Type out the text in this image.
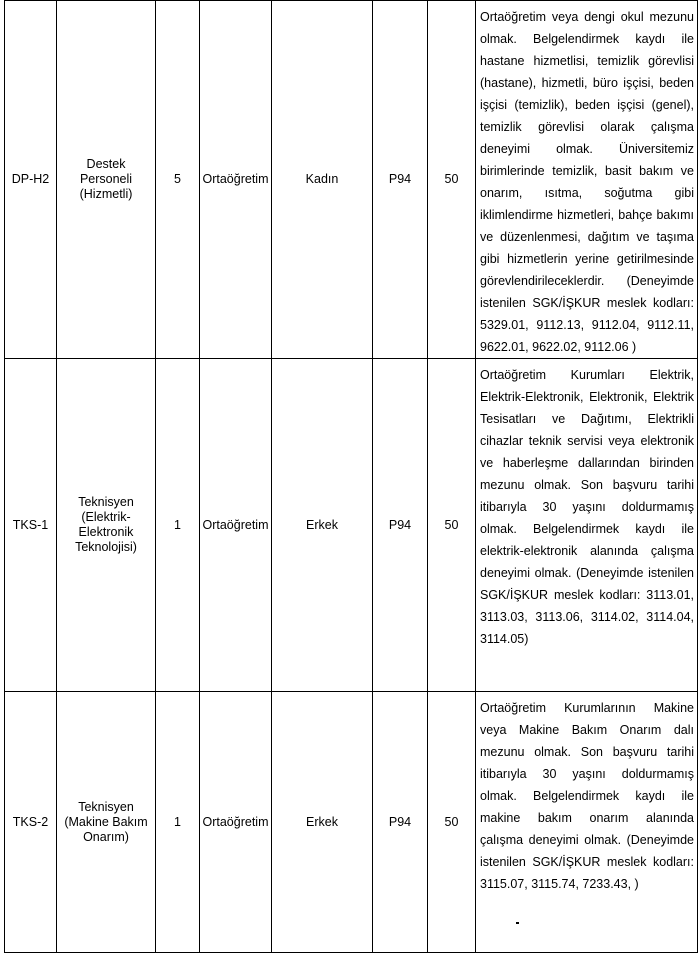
DP-H2	Destek Personeli (Hizmetli)	5	Ortaöğretim	Kadın	P94	50	Ortaöğretim veya dengi okul mezunu olmak. Belgelendirmek kaydı ile hastane hizmetlisi, temizlik görevlisi (hastane), hizmetli, büro işçisi, beden işçisi (temizlik), beden işçisi (genel), temizlik görevlisi olarak çalışma deneyimi olmak. Üniversitemiz birimlerinde temizlik, basit bakım ve onarım, ısıtma, soğutma gibi iklimlendirme hizmetleri, bahçe bakımı ve düzenlenmesi, dağıtım ve taşıma gibi hizmetlerin yerine getirilmesinde görevlendirileceklerdir. (Deneyimde istenilen SGK/İŞKUR meslek kodları: 5329.01, 9112.13, 9112.04, 9112.11, 9622.01, 9622.02, 9112.06 )
TKS-1	Teknisyen (Elektrik-Elektronik Teknolojisi)	1	Ortaöğretim	Erkek	P94	50	Ortaöğretim Kurumları Elektrik, Elektrik-Elektronik, Elektronik, Elektrik Tesisatları ve Dağıtımı, Elektrikli cihazlar teknik servisi veya elektronik ve haberleşme dallarından birinden mezunu olmak. Son başvuru tarihi itibarıyla 30 yaşını doldurmamış olmak. Belgelendirmek kaydı ile elektrik-elektronik alanında çalışma deneyimi olmak. (Deneyimde istenilen SGK/İŞKUR meslek kodları: 3113.01, 3113.03, 3113.06, 3114.02, 3114.04, 3114.05)
TKS-2	Teknisyen (Makine Bakım Onarım)	1	Ortaöğretim	Erkek	P94	50	Ortaöğretim Kurumlarının Makine veya Makine Bakım Onarım dalı mezunu olmak. Son başvuru tarihi itibarıyla 30 yaşını doldurmamış olmak. Belgelendirmek kaydı ile makine bakım onarım alanında çalışma deneyimi olmak. (Deneyimde istenilen SGK/İŞKUR meslek kodları: 3115.07, 3115.74, 7233.43, )
